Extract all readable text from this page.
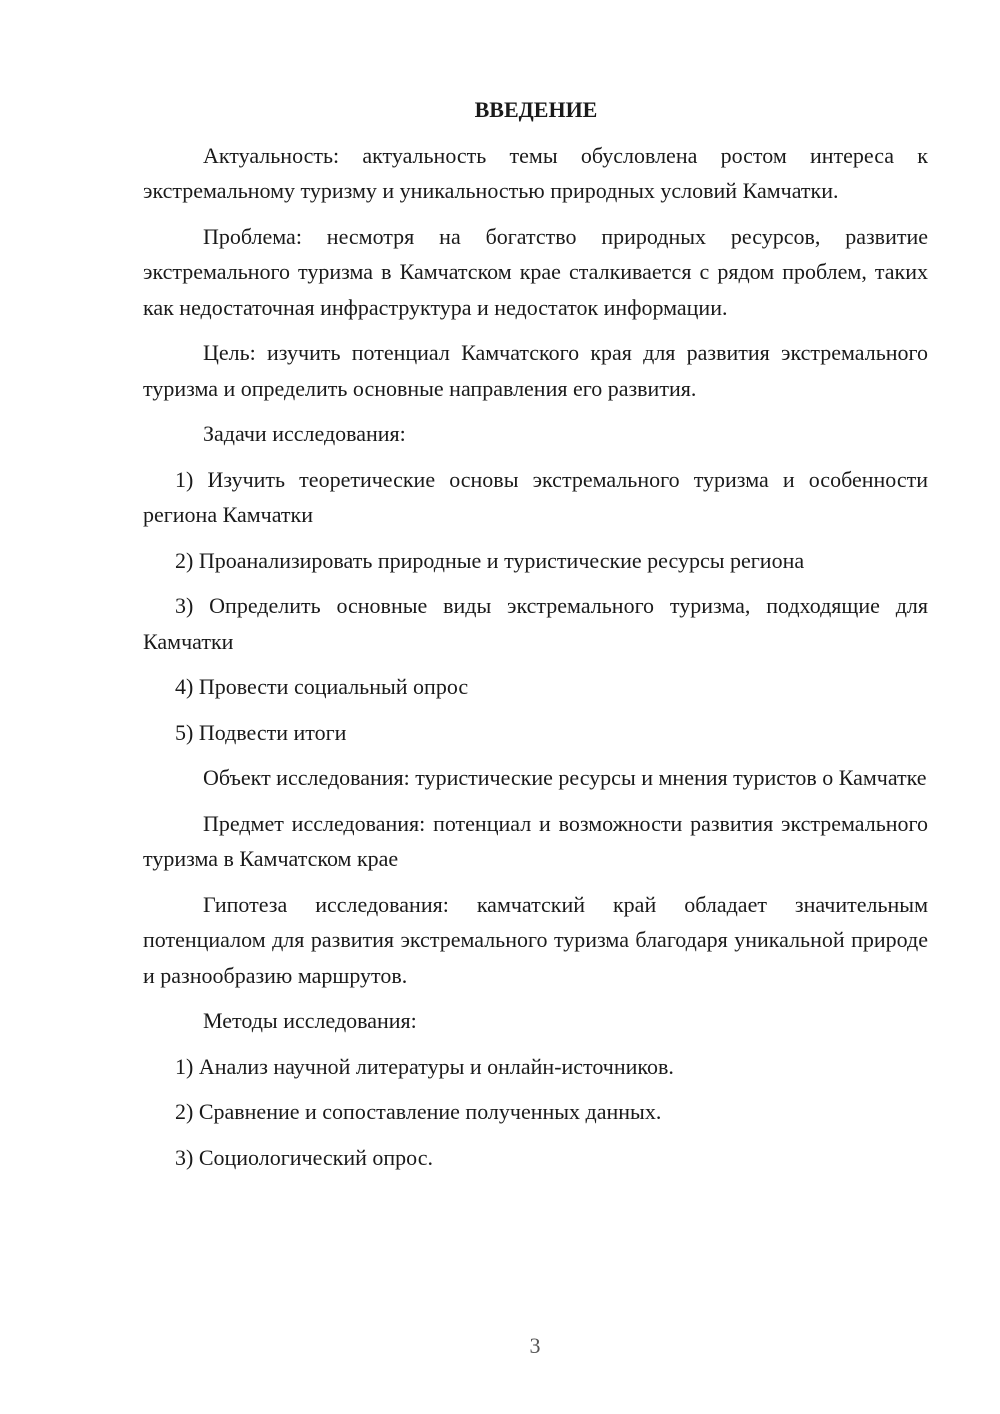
ВВЕДЕНИЕ
Актуальность: актуальность темы обусловлена ростом интереса к экстремальному туризму и уникальностью природных условий Камчатки.
Проблема: несмотря на богатство природных ресурсов, развитие экстремального туризма в Камчатском крае сталкивается с рядом проблем, таких как недостаточная инфраструктура и недостаток информации.
Цель: изучить потенциал Камчатского края для развития экстремального туризма и определить основные направления его развития.
Задачи исследования:
1) Изучить теоретические основы экстремального туризма и особенности региона Камчатки
2) Проанализировать природные и туристические ресурсы региона
3) Определить основные виды экстремального туризма, подходящие для Камчатки
4) Провести социальный опрос
5) Подвести итоги
Объект исследования: туристические ресурсы и мнения туристов о Камчатке
Предмет исследования: потенциал и возможности развития экстремального туризма в Камчатском крае
Гипотеза исследования: камчатский край обладает значительным потенциалом для развития экстремального туризма благодаря уникальной природе и разнообразию маршрутов.
Методы исследования:
1) Анализ научной литературы и онлайн-источников.
2) Сравнение и сопоставление полученных данных.
3) Социологический опрос.
3
